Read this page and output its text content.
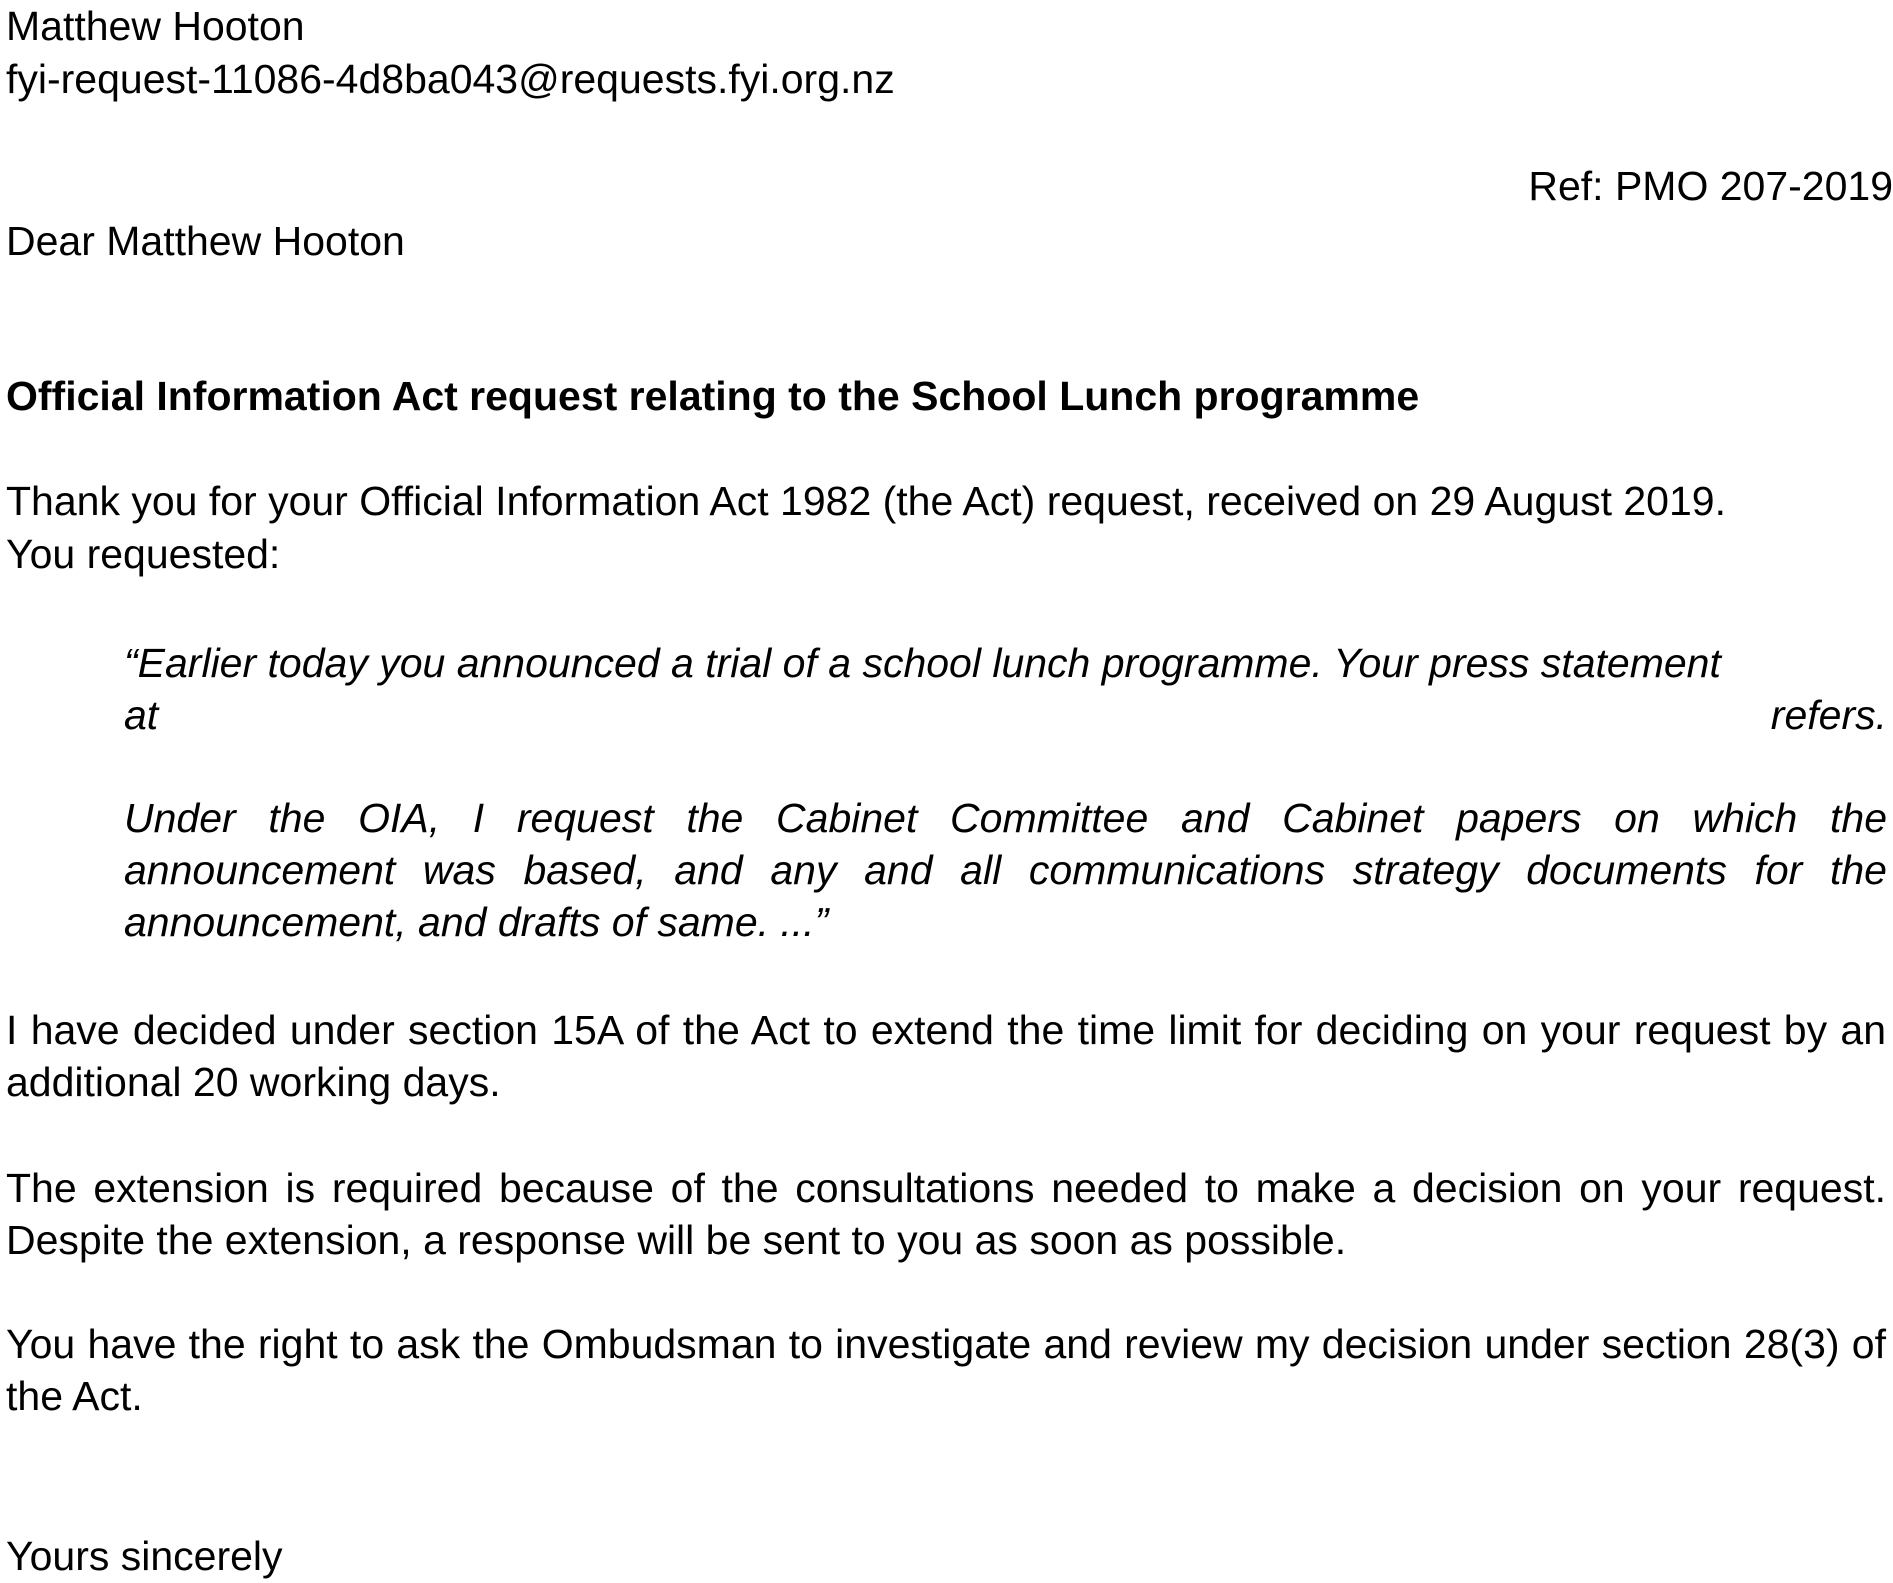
Matthew Hooton
fyi-request-11086-4d8ba043@requests.fyi.org.nz
Ref: PMO 207-2019
Dear Matthew Hooton
Official Information Act request relating to the School Lunch programme
Thank you for your Official Information Act 1982 (the Act) request, received on 29 August 2019.
You requested:
“Earlier today you announced a trial of a school lunch programme. Your press statement
at	refers.

Under the OIA, I request the Cabinet Committee and Cabinet papers on which the announcement was based, and any and all communications strategy documents for the announcement, and drafts of same. ...”

I have decided under section 15A of the Act to extend the time limit for deciding on your request by an additional 20 working days.

The extension is required because of the consultations needed to make a decision on your request. Despite the extension, a response will be sent to you as soon as possible.

You have the right to ask the Ombudsman to investigate and review my decision under section 28(3) of the Act.

Yours sincerely
